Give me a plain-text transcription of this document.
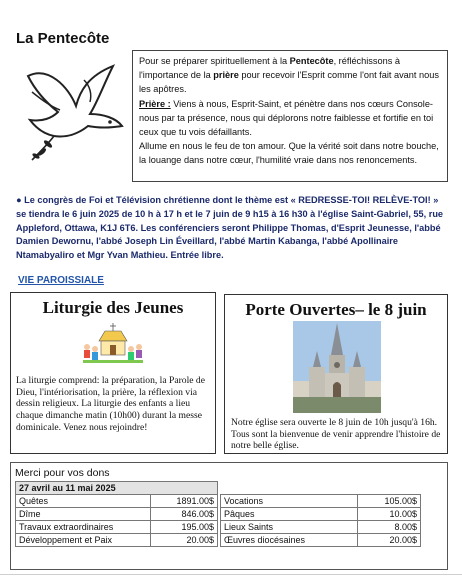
La Pentecôte

Pour se préparer spirituellement à la Pentecôte, réfléchissons à l'importance de la prière pour recevoir l'Esprit comme l'ont fait avant nous les apôtres.

Prière : Viens à nous, Esprit-Saint, et pénètre dans nos cœurs Console-nous par ta présence, nous qui déplorons notre faiblesse et fortifie en toi ceux que tu vois défaillants.

Allume en nous le feu de ton amour. Que la vérité soit dans notre bouche, la louange dans notre cœur, l'humilité vraie dans nos renoncements.

● Le congrès de Foi et Télévision chrétienne dont le thème est « REDRESSE-TOI! RELÈVE-TOI! » se tiendra le 6 juin 2025 de 10 h à 17 h et le 7 juin de 9 h15 à 16 h30 à l'église Saint-Gabriel, 55, rue Appleford, Ottawa, K1J 6T6. Les conférenciers seront Philippe Thomas, d'Esprit Jeunesse, l'abbé Damien Dewornu, l'abbé Joseph Lin Éveillard, l'abbé Martin Kabanga, l'abbé Apollinaire Ntamabyaliro et Mgr Yvan Mathieu. Entrée libre.
VIE PAROISSIALE
Liturgie des Jeunes
La liturgie comprend: la préparation, la Parole de Dieu, l'intériorisation, la prière, la réflexion via dessin religieux. La liturgie des enfants a lieu chaque dimanche matin (10h00) durant la messe dominicale. Venez nous rejoindre!
Porte Ouvertes– le 8 juin
Notre église sera ouverte le 8 juin de 10h jusqu'à 16h. Tous sont la bienvenue de venir apprendre l'histoire de notre belle église.
Merci pour vos dons
27 avril au 11 mai 2025				
Quêtes	1891.00$		Vocations	105.00$
Dîme	846.00$		Pâques	10.00$
Travaux extraordinaires	195.00$		Lieux Saints	8.00$
Développement et Paix	20.00$		Œuvres diocésaines	20.00$
